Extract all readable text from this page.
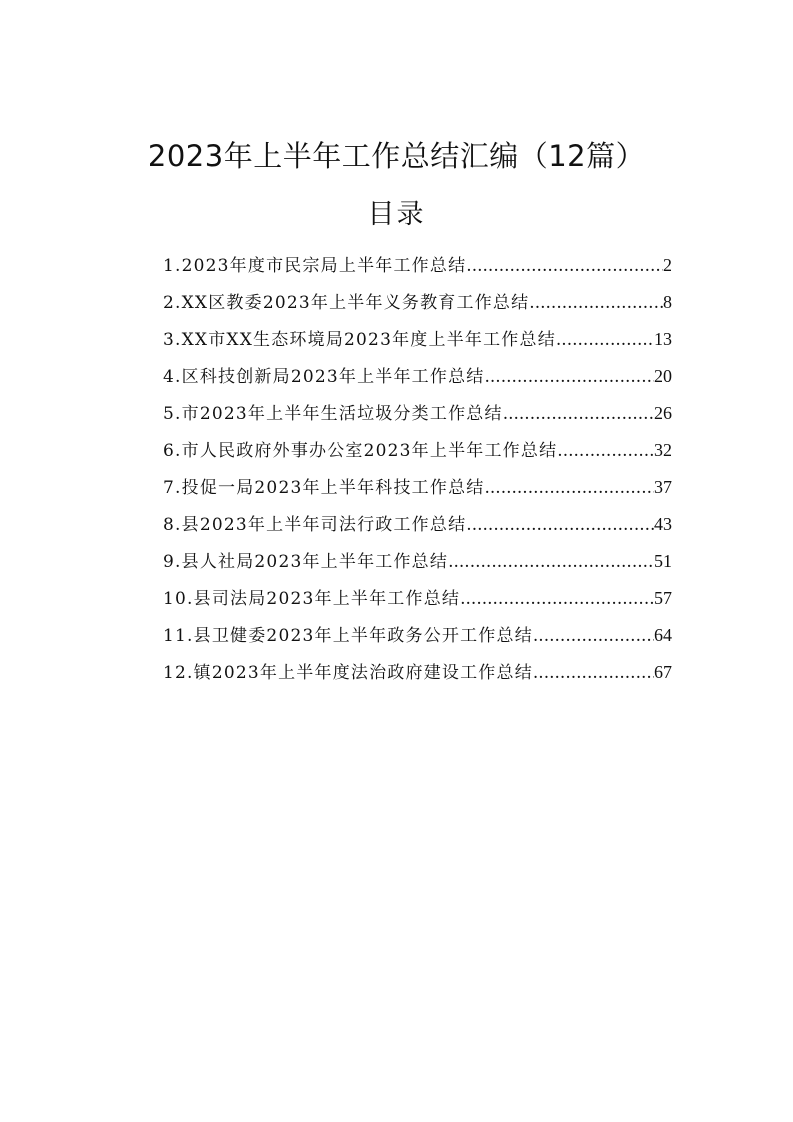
2023年上半年工作总结汇编（12篇）
目录
1.2023年度市民宗局上半年工作总结 .....	2
2.XX区教委2023年上半年义务教育工作总结 .....	8
3.XX市XX生态环境局2023年度上半年工作总结 .....	13
4.区科技创新局2023年上半年工作总结 .....	20
5.市2023年上半年生活垃圾分类工作总结 .....	26
6.市人民政府外事办公室2023年上半年工作总结 .....	32
7.投促一局2023年上半年科技工作总结 .....	37
8.县2023年上半年司法行政工作总结 .....	43
9.县人社局2023年上半年工作总结 .....	51
10.县司法局2023年上半年工作总结 .....	57
11.县卫健委2023年上半年政务公开工作总结 .....	64
12.镇2023年上半年度法治政府建设工作总结 .....	67
